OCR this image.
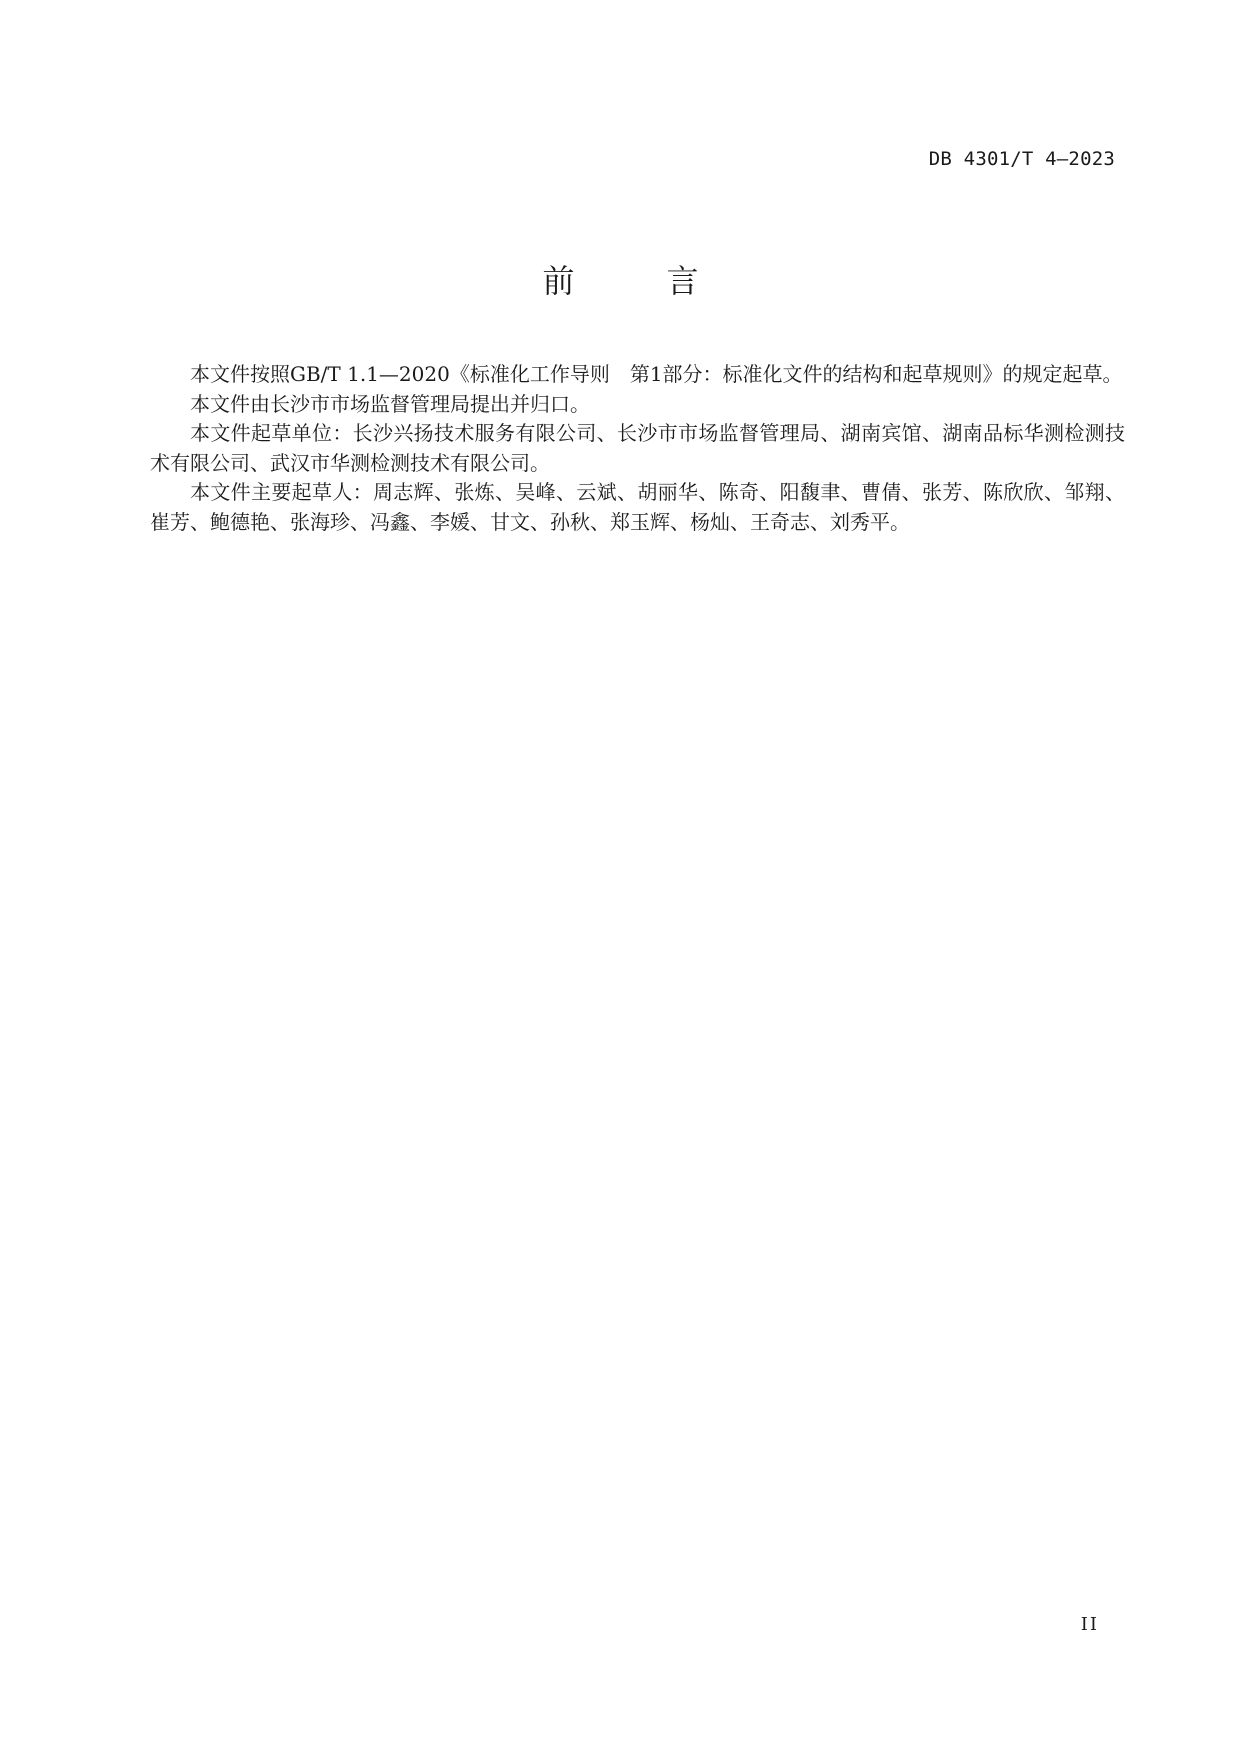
DB 4301/T 4—2023
前　言

本文件按照GB/T 1.1—2020《标准化工作导则　第1部分：标准化文件的结构和起草规则》的规定起草。

本文件由长沙市市场监督管理局提出并归口。

本文件起草单位：长沙兴扬技术服务有限公司、长沙市市场监督管理局、湖南宾馆、湖南品标华测检测技术有限公司、武汉市华测检测技术有限公司。

本文件主要起草人：周志辉、张炼、吴峰、云斌、胡丽华、陈奇、阳馥聿、曹倩、张芳、陈欣欣、邹翔、崔芳、鲍德艳、张海珍、冯鑫、李媛、甘文、孙秋、郑玉辉、杨灿、王奇志、刘秀平。

II
